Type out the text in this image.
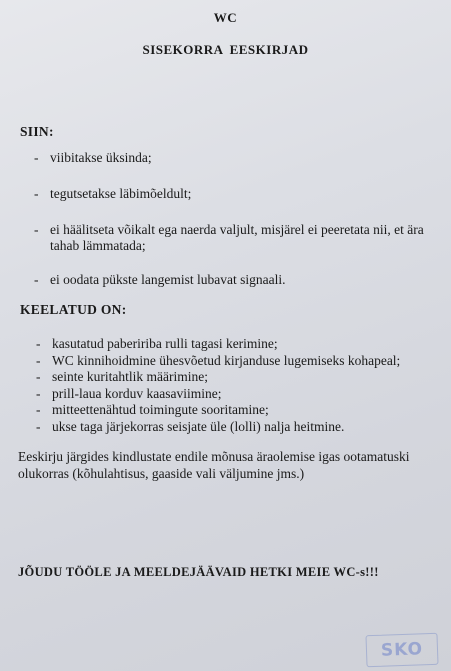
WC
SISEKORRA EESKIRJAD
SIIN:
- viibitakse üksinda;
- tegutsetakse läbimõeldult;
- ei häälitseta võikalt ega naerda valjult, misjärel ei peeretata nii, et ära tahab lämmatada;
- ei oodata pükste langemist lubavat signaali.
KEELATUD ON:
- kasutatud pabeririba rulli tagasi kerimine;
- WC kinnihoidmine ühesvõetud kirjanduse lugemiseks kohapeal;
- seinte kuritahtlik määrimine;
- prill-laua korduv kaasaviimine;
- mitteettenähtud toimingute sooritamine;
- ukse taga järjekorras seisjate üle (lolli) nalja heitmine.
Eeskirju järgides kindlustate endile mõnusa äraolemise igas ootamatuski olukorras (kõhulahtisus, gaaside vali väljumine jms.)
JÕUDU TÖÖLE JA MEELDEJÄÄVAID HETKI MEIE WC-s!!!
SKO
